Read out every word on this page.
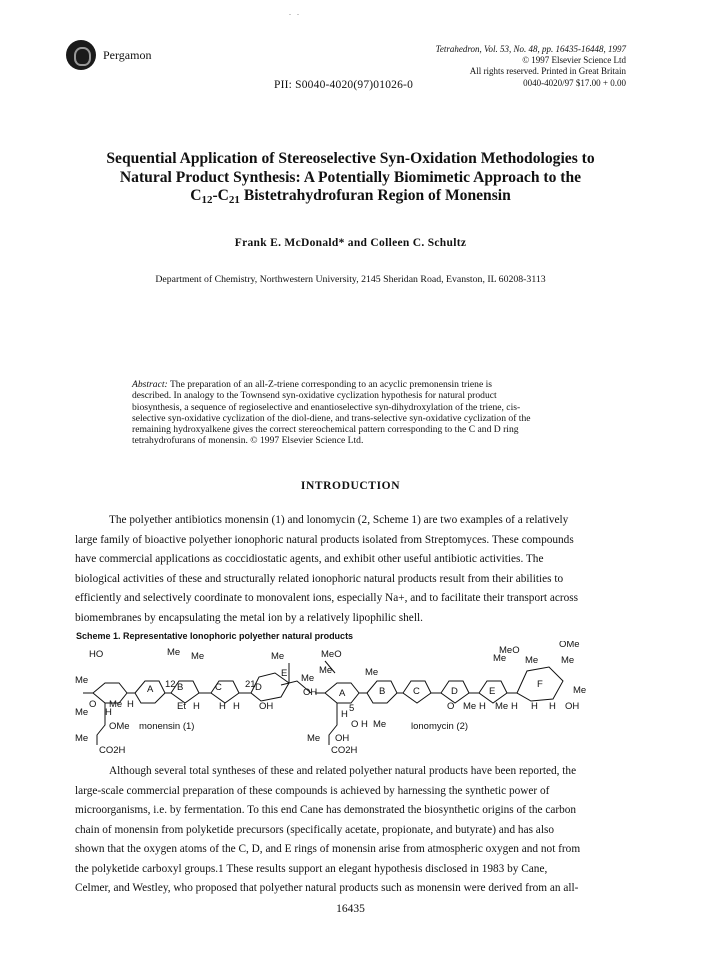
. .
Pergamon
PII: S0040-4020(97)01026-0
Tetrahedron, Vol. 53, No. 48, pp. 16435-16448, 1997
© 1997 Elsevier Science Ltd
All rights reserved. Printed in Great Britain
0040-4020/97 $17.00 + 0.00
Sequential Application of Stereoselective Syn-Oxidation Methodologies to
Natural Product Synthesis: A Potentially Biomimetic Approach to the
$C_{12}-C_{21}$ Bistetrahydrofuran Region of Monensin
Frank E. McDonald* and Colleen C. Schultz
Department of Chemistry, Northwestern University, 2145 Sheridan Road, Evanston, IL 60208-3113
Abstract: The preparation of an all-Z-triene corresponding to an acyclic premonensin triene is
described. In analogy to the Townsend syn-oxidative cyclization hypothesis for natural product
biosynthesis, a sequence of regioselective and enantioselective syn-dihydroxylation of the triene, cis-
selective syn-oxidative cyclization of the diol-diene, and trans-selective syn-oxidative cyclization of the
remaining hydroxyalkene gives the correct stereochemical pattern corresponding to the C and D ring
tetrahydrofurans of monensin. © 1997 Elsevier Science Ltd.
INTRODUCTION
The polyether antibiotics monensin (1) and lonomycin (2, Scheme 1) are two examples of a relatively
large family of bioactive polyether ionophoric natural products isolated from Streptomyces. These compounds
have commercial applications as coccidiostatic agents, and exhibit other useful antibiotic activities. The
biological activities of these and structurally related ionophoric natural products result from their abilities to
efficiently and selectively coordinate to monovalent ions, especially Na+, and to facilitate their transport across
biomembranes by encapsulating the metal ion by a relatively lipophilic shell.
Scheme 1. Representative Ionophoric polyether natural products
HO	Me Me	Me
Me	12	21
OH
O Me H	Et H H H OH
Me H
OMe
Me
CO2H
A B	C	D
E
monensin (1)
MeO
Me	Me
MeO
Me
OMe
Me Me
Me
O Me H Me H H H OH
Me
H
5
O H Me
Me OH
CO2H
A	B	C	D	E
F
lonomycin (2)
Although several total syntheses of these and related polyether natural products have been reported, the
large-scale commercial preparation of these compounds is achieved by harnessing the synthetic power of
microorganisms, i.e. by fermentation. To this end Cane has demonstrated the biosynthetic origins of the carbon
chain of monensin from polyketide precursors (specifically acetate, propionate, and butyrate) and has also
shown that the oxygen atoms of the C, D, and E rings of monensin arise from atmospheric oxygen and not from
the polyketide carboxyl groups.1 These results support an elegant hypothesis disclosed in 1983 by Cane,
Celmer, and Westley, who proposed that polyether natural products such as monensin were derived from an all-
16435
